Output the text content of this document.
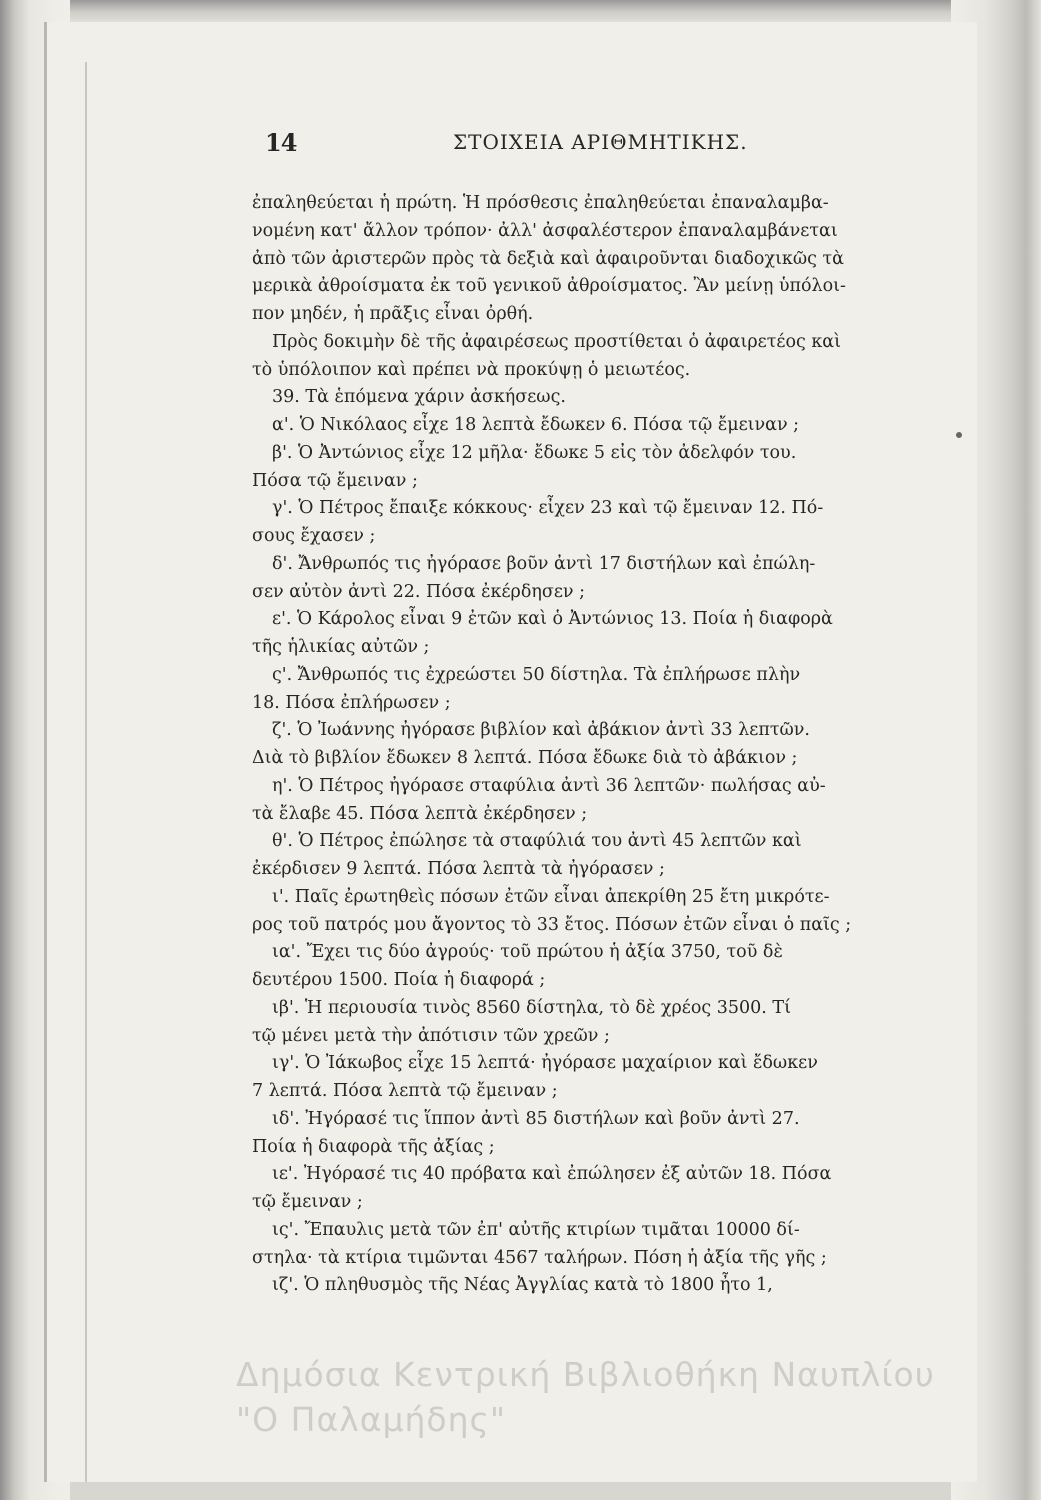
14	ΣΤΟΙΧΕΙΑ ΑΡΙΘΜΗΤΙΚΗΣ.
ἐπαληθεύεται ἡ πρώτη. Ἡ πρόσθεσις ἐπαληθεύεται ἐπαναλαμβα-
νομένη κατ' ἄλλον τρόπον· ἀλλ' ἀσφαλέστερον ἐπαναλαμβάνεται
ἀπὸ τῶν ἀριστερῶν πρὸς τὰ δεξιὰ καὶ ἀφαιροῦνται διαδοχικῶς τὰ
μερικὰ ἀθροίσματα ἐκ τοῦ γενικοῦ ἀθροίσματος. Ἂν μείνῃ ὑπόλοι-
πον μηδέν, ἡ πρᾶξις εἶναι ὀρθή.
Πρὸς δοκιμὴν δὲ τῆς ἀφαιρέσεως προστίθεται ὁ ἀφαιρετέος καὶ
τὸ ὑπόλοιπον καὶ πρέπει νὰ προκύψῃ ὁ μειωτέος.
39. Τὰ ἑπόμενα χάριν ἀσκήσεως.
α'. Ὁ Νικόλαος εἶχε 18 λεπτὰ ἔδωκεν 6. Πόσα τῷ ἔμειναν ;
β'. Ὁ Ἀντώνιος εἶχε 12 μῆλα· ἔδωκε 5 εἰς τὸν ἀδελφόν του.
Πόσα τῷ ἔμειναν ;
γ'. Ὁ Πέτρος ἔπαιξε κόκκους· εἶχεν 23 καὶ τῷ ἔμειναν 12. Πό-
σους ἔχασεν ;
δ'. Ἄνθρωπός τις ἠγόρασε βοῦν ἀντὶ 17 διστήλων καὶ ἐπώλη-
σεν αὐτὸν ἀντὶ 22. Πόσα ἐκέρδησεν ;
ε'. Ὁ Κάρολος εἶναι 9 ἐτῶν καὶ ὁ Ἀντώνιος 13. Ποία ἡ διαφορὰ
τῆς ἡλικίας αὐτῶν ;
ς'. Ἄνθρωπός τις ἐχρεώστει 50 δίστηλα. Τὰ ἐπλήρωσε πλὴν
18. Πόσα ἐπλήρωσεν ;
ζ'. Ὁ Ἰωάννης ἠγόρασε βιβλίον καὶ ἀβάκιον ἀντὶ 33 λεπτῶν.
Διὰ τὸ βιβλίον ἔδωκεν 8 λεπτά. Πόσα ἔδωκε διὰ τὸ ἀβάκιον ;
η'. Ὁ Πέτρος ἠγόρασε σταφύλια ἀντὶ 36 λεπτῶν· πωλήσας αὐ-
τὰ ἔλαβε 45. Πόσα λεπτὰ ἐκέρδησεν ;
θ'. Ὁ Πέτρος ἐπώλησε τὰ σταφύλιά του ἀντὶ 45 λεπτῶν καὶ
ἐκέρδισεν 9 λεπτά. Πόσα λεπτὰ τὰ ἠγόρασεν ;
ι'. Παῖς ἐρωτηθεὶς πόσων ἐτῶν εἶναι ἀπεκρίθη 25 ἔτη μικρότε-
ρος τοῦ πατρός μου ἄγοντος τὸ 33 ἔτος. Πόσων ἐτῶν εἶναι ὁ παῖς ;
ια'. Ἔχει τις δύο ἀγρούς· τοῦ πρώτου ἡ ἀξία 3750, τοῦ δὲ
δευτέρου 1500. Ποία ἡ διαφορά ;
ιβ'. Ἡ περιουσία τινὸς 8560 δίστηλα, τὸ δὲ χρέος 3500. Τί
τῷ μένει μετὰ τὴν ἀπότισιν τῶν χρεῶν ;
ιγ'. Ὁ Ἰάκωβος εἶχε 15 λεπτά· ἠγόρασε μαχαίριον καὶ ἔδωκεν
7 λεπτά. Πόσα λεπτὰ τῷ ἔμειναν ;
ιδ'. Ἠγόρασέ τις ἵππον ἀντὶ 85 διστήλων καὶ βοῦν ἀντὶ 27.
Ποία ἡ διαφορὰ τῆς ἀξίας ;
ιε'. Ἠγόρασέ τις 40 πρόβατα καὶ ἐπώλησεν ἐξ αὐτῶν 18. Πόσα
τῷ ἔμειναν ;
ις'. Ἔπαυλις μετὰ τῶν ἐπ' αὐτῆς κτιρίων τιμᾶται 10000 δί-
στηλα· τὰ κτίρια τιμῶνται 4567 ταλήρων. Πόση ἡ ἀξία τῆς γῆς ;
ιζ'. Ὁ πληθυσμὸς τῆς Νέας Ἀγγλίας κατὰ τὸ 1800 ἦτο 1,
Δημόσια Κεντρική Βιβλιοθήκη Ναυπλίου
"Ο Παλαμήδης"
